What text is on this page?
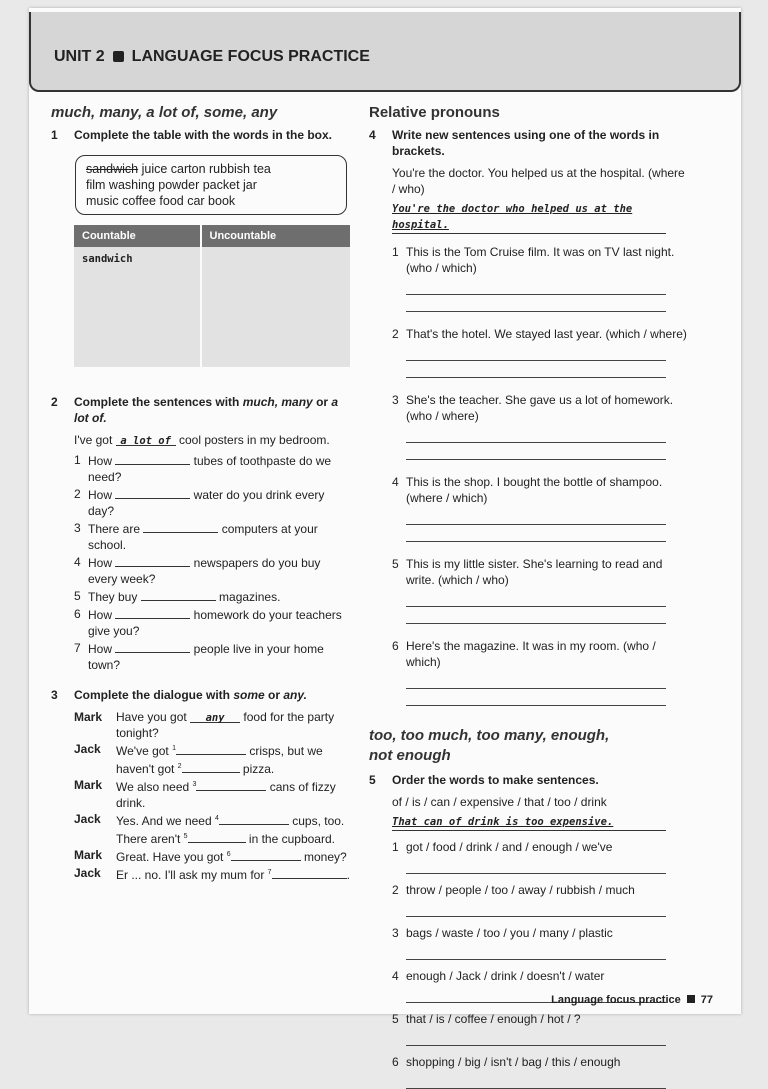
UNIT 2 LANGUAGE FOCUS PRACTICE
much, many, a lot of, some, any
1 Complete the table with the words in the box.
sandwich juice carton rubbish tea
film washing powder packet jar
music coffee food car book
Countable	Uncountable
sandwich	
2 Complete the sentences with much, many or a lot of.
I've got a lot of cool posters in my bedroom.
1 How	tubes of toothpaste do we need?
2 How	water do you drink every day?
3 There are	computers at your school.
4 How	newspapers do you buy every week?
5 They buy	magazines.
6 How	homework do your teachers give you?
7 How	people live in your home town?
3 Complete the dialogue with some or any.
Mark	Have you got any food for the party tonight?
Jack	We've got $^1$	crisps, but we haven't got $^2$	pizza.
Mark	We also need $^3$	cans of fizzy drink.
Jack	Yes. And we need $^4$	cups, too. There aren't $^5$	in the cupboard.
Mark	Great. Have you got $^6$	money?
Jack	Er ... no. I'll ask my mum for $^7$	.
Relative pronouns
4 Write new sentences using one of the words in brackets.
You're the doctor. You helped us at the hospital. (where / who)
You're the doctor who helped us at the hospital.
1 This is the Tom Cruise film. It was on TV last night. (who / which)
2 That's the hotel. We stayed last year. (which / where)
3 She's the teacher. She gave us a lot of homework. (who / where)
4 This is the shop. I bought the bottle of shampoo. (where / which)
5 This is my little sister. She's learning to read and write. (which / who)
6 Here's the magazine. It was in my room. (who / which)
too, too much, too many, enough, not enough
5 Order the words to make sentences.
of / is / can / expensive / that / too / drink
That can of drink is too expensive.
1 got / food / drink / and / enough / we've
2 throw / people / too / away / rubbish / much
3 bags / waste / too / you / many / plastic
4 enough / Jack / drink / doesn't / water
5 that / is / coffee / enough / hot / ?
6 shopping / big / isn't / bag / this / enough
Language focus practice 77
